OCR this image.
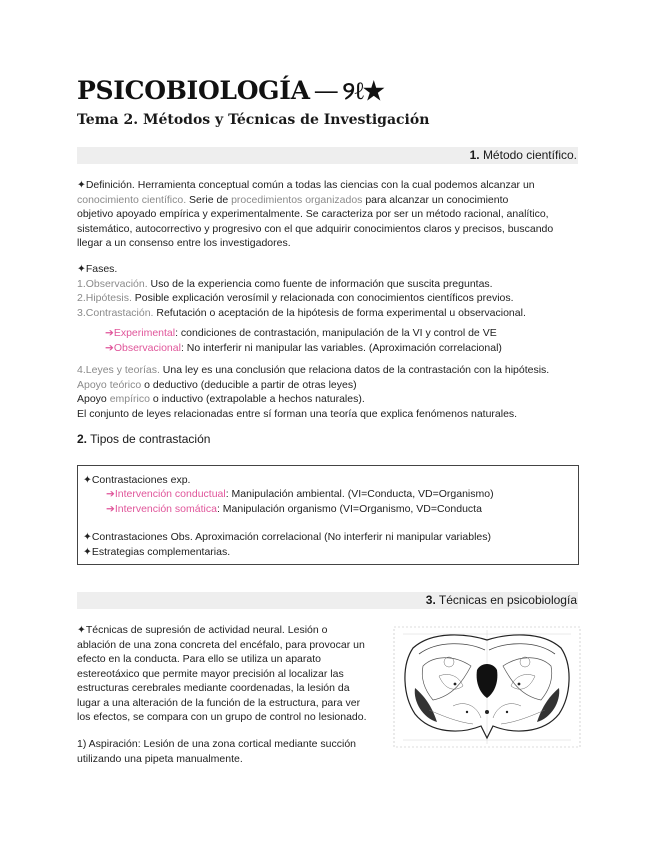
PSICOBIOLOGÍA — ୨ℓ★
Tema 2. Métodos y Técnicas de Investigación
1. Método científico.
✦Definición. Herramienta conceptual común a todas las ciencias con la cual podemos alcanzar un
conocimiento científico. Serie de procedimientos organizados para alcanzar un conocimiento
objetivo apoyado empírica y experimentalmente. Se caracteriza por ser un método racional, analítico,
sistemático, autocorrectivo y progresivo con el que adquirir conocimientos claros y precisos, buscando
llegar a un consenso entre los investigadores.
✦Fases.
1.Observación. Uso de la experiencia como fuente de información que suscita preguntas.
2.Hipótesis. Posible explicación verosímil y relacionada con conocimientos científicos previos.
3.Contrastación. Refutación o aceptación de la hipótesis de forma experimental u observacional.
➔Experimental: condiciones de contrastación, manipulación de la VI y control de VE
➔Observacional: No interferir ni manipular las variables. (Aproximación correlacional)
4.Leyes y teorías. Una ley es una conclusión que relaciona datos de la contrastación con la hipótesis.
Apoyo teórico o deductivo (deducible a partir de otras leyes)
Apoyo empírico o inductivo (extrapolable a hechos naturales).
El conjunto de leyes relacionadas entre sí forman una teoría que explica fenómenos naturales.
2. Tipos de contrastación
✦Contrastaciones exp.
➔Intervención conductual: Manipulación ambiental. (VI=Conducta, VD=Organismo)
➔Intervención somática: Manipulación organismo (VI=Organismo, VD=Conducta
✦Contrastaciones Obs. Aproximación correlacional (No interferir ni manipular variables)
✦Estrategias complementarias.
3. Técnicas en psicobiología
✦Técnicas de supresión de actividad neural. Lesión o
ablación de una zona concreta del encéfalo, para provocar un
efecto en la conducta. Para ello se utiliza un aparato
estereotáxico que permite mayor precisión al localizar las
estructuras cerebrales mediante coordenadas, la lesión da
lugar a una alteración de la función de la estructura, para ver
los efectos, se compara con un grupo de control no lesionado.
1) Aspiración: Lesión de una zona cortical mediante succión
utilizando una pipeta manualmente.
